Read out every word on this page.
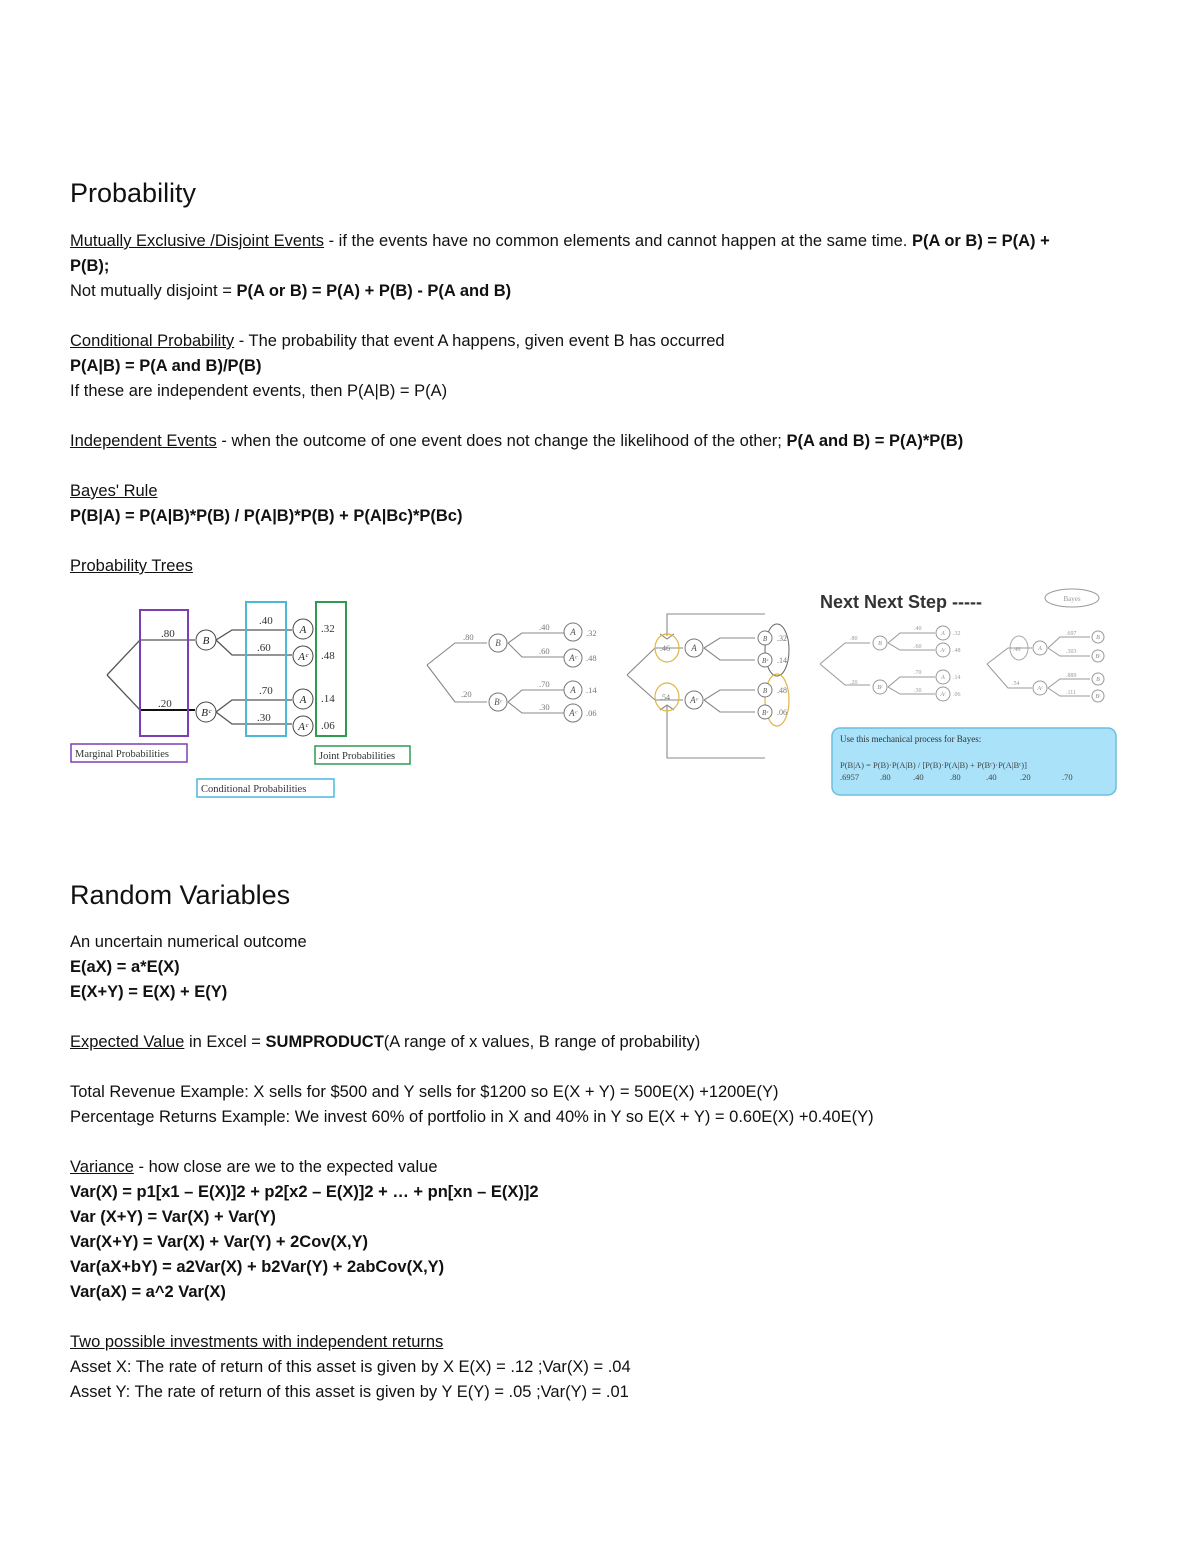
Probability
Mutually Exclusive /Disjoint Events - if the events have no common elements and cannot happen at the same time. P(A or B) = P(A) +
P(B);
Not mutually disjoint = P(A or B) = P(A) + P(B) - P(A and B)
Conditional Probability - The probability that event A happens, given event B has occurred
P(A|B) = P(A and B)/P(B)
If these are independent events, then P(A|B) = P(A)
Independent Events - when the outcome of one event does not change the likelihood of the other; P(A and B) = P(A)*P(B)
Bayes' Rule
P(B|A) = P(A|B)*P(B) / P(A|B)*P(B) + P(A|Bc)*P(Bc)
Probability Trees
Random Variables
An uncertain numerical outcome
E(aX) = a*E(X)
E(X+Y) = E(X) + E(Y)
Expected Value in Excel = SUMPRODUCT(A range of x values, B range of probability)
Total Revenue Example: X sells for $500 and Y sells for $1200 so E(X + Y) = 500E(X) +1200E(Y)
Percentage Returns Example: We invest 60% of portfolio in X and 40% in Y so E(X + Y) = 0.60E(X) +0.40E(Y)
Variance - how close are we to the expected value
Var(X) = p1[x1 – E(X)]2 + p2[x2 – E(X)]2 + … + pn[xn – E(X)]2
Var (X+Y) = Var(X) + Var(Y)
Var(X+Y) = Var(X) + Var(Y) + 2Cov(X,Y)
Var(aX+bY) = a2Var(X) + b2Var(Y) + 2abCov(X,Y)
Var(aX) = a^2 Var(X)
Two possible investments with independent returns
Asset X: The rate of return of this asset is given by X E(X) = .12 ;Var(X) = .04
Asset Y: The rate of return of this asset is given by Y E(Y) = .05 ;Var(Y) = .01
.80
.20
.40
.60
.70
.30
.32
.48
.14
.06
B
Bᶜ
A
Aᶜ
A
Aᶜ
Marginal Probabilities	Joint Probabilities
Conditional Probabilities
.80
.20
.40
.60
.70
.30
.32
.48
.14
.06
B
Bᶜ
A
Aᶜ
A
Aᶜ
.46
.54
.32
.14
.48
.06
A
Aᶜ
B
Bᶜ
B
Bᶜ
Next Next Step -----	Bayes
B
Bᶜ
A
Aᶜ
A
Aᶜ
.80
.20
.40
.60
.70
.30
.32
.48
.14
.06
A
Aᶜ
B
Bᶜ
B
Bᶜ
.46
.54
.697
.303
.889
.111
Use this mechanical process for Bayes:
P(B|A) = P(B)·P(A|B) / [P(B)·P(A|B) + P(Bᶜ)·P(A|Bᶜ)]
.6957 .80	.40	.80	.40	.20	.70
